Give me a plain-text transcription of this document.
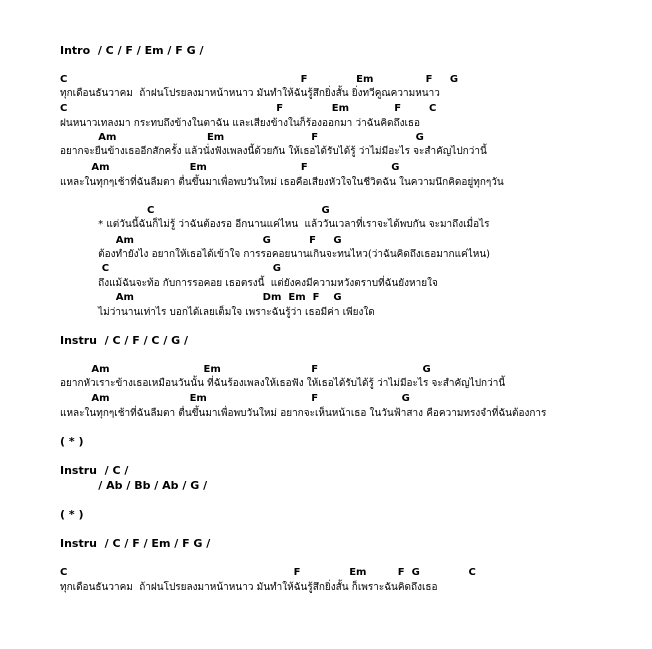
Intro  / C / F / Em / F G /
C                                                                   F              Em               F     G
ทุกเดือนธันวาคม  ถ้าฝนโปรยลงมาหน้าหนาว มันทำให้ฉันรู้สึกยิ่งสั้น ยิ่งทวีคูณความหนาว
C                                                            F              Em             F        C
ฝนหนาวเทลงมา กระทบถึงข้างในตาฉัน และเสียงข้างในก็ร้องออกมา ว่าฉันคิดถึงเธอ
Am                          Em                         F                            G
อยากจะยืนข้างเธออีกสักครั้ง แล้วนั่งฟังเพลงนี้ด้วยกัน ให้เธอได้รับได้รู้ ว่าไม่มีอะไร จะสำคัญไปกว่านี้
Am                       Em                           F                        G
แหละในทุกๆเช้าที่ฉันลืมตา ตื่นขึ้นมาเพื่อพบวันใหม่ เธอคือเสียงหัวใจในชีวิตฉัน ในความนึกคิดอยู่ทุกๆวัน
C                                                G
* แต่วันนี้ฉันก็ไม่รู้ ว่าฉันต้องรอ อีกนานแค่ไหน  แล้ววันเวลาที่เราจะได้พบกัน จะมาถึงเมื่อไร
Am                                     G           F     G
ต้องทำยังไง อยากให้เธอได้เข้าใจ การรอคอยนานเกินจะทนไหว(ว่าฉันคิดถึงเธอมากแค่ไหน)
C                                               G
ถึงแม้ฉันจะท้อ กับการรอคอย เธอตรงนี้  แต่ยังคงมีความหวังตราบที่ฉันยังหายใจ
Am                                     Dm  Em  F    G
ไม่ว่านานเท่าไร บอกได้เลยเต็มใจ เพราะฉันรู้ว่า เธอมีค่า เพียงใด
Instru  / C / F / C / G /
Am                           Em                          F                              G
อยากหัวเราะข้างเธอเหมือนวันนั้น ที่ฉันร้องเพลงให้เธอฟัง ให้เธอได้รับได้รู้ ว่าไม่มีอะไร จะสำคัญไปกว่านี้
Am                       Em                              F                        G
แหละในทุกๆเช้าที่ฉันลืมตา ตื่นขึ้นมาเพื่อพบวันใหม่ อยากจะเห็นหน้าเธอ ในวันฟ้าสาง คือความทรงจำที่ฉันต้องการ
( * )
Instru  / C /
/ Ab / Bb / Ab / G /
( * )
Instru  / C / F / Em / F G /
C                                                                 F              Em         F  G              C
ทุกเดือนธันวาคม  ถ้าฝนโปรยลงมาหน้าหนาว มันทำให้ฉันรู้สึกยิ่งสั้น ก็เพราะฉันคิดถึงเธอ
